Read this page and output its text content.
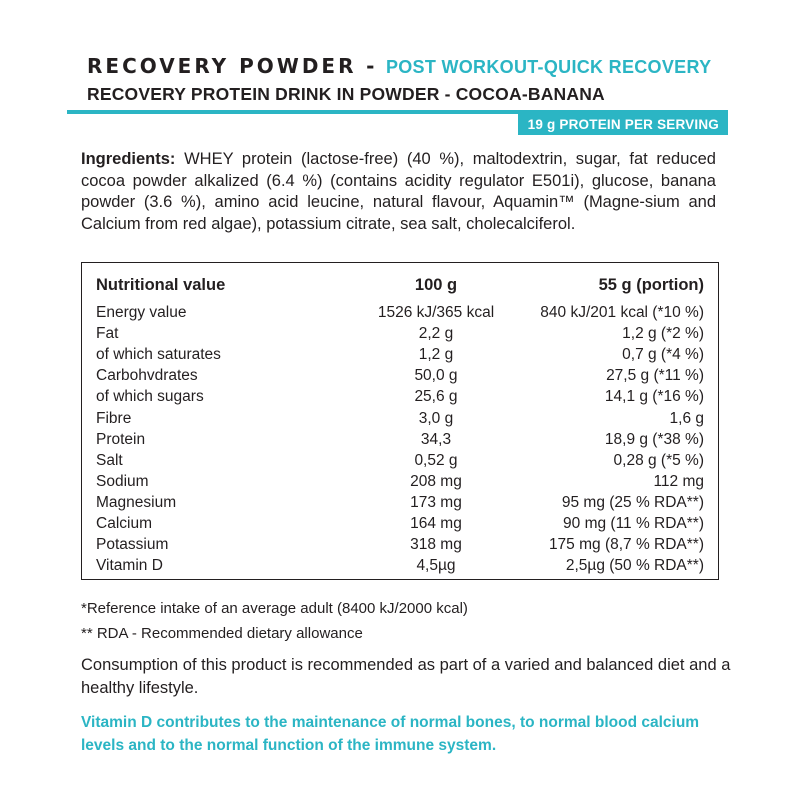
RECOVERY POWDER - POST WORKOUT-QUICK RECOVERY
RECOVERY PROTEIN DRINK IN POWDER - COCOA-BANANA
19 g PROTEIN PER SERVING
Ingredients: WHEY protein (lactose-free) (40 %), maltodextrin, sugar, fat reduced cocoa powder alkalized (6.4 %) (contains acidity regulator E501i), glucose, banana powder (3.6 %), amino acid leucine, natural flavour, Aquamin™ (Magne-sium and Calcium from red algae), potassium citrate, sea salt, cholecalciferol.
Nutritional value	100 g	55 g (portion)
Energy value	1526 kJ/365 kcal	840 kJ/201 kcal (*10 %)
Fat	2,2 g	1,2 g (*2 %)
of which saturates	1,2 g	0,7 g (*4 %)
Carbohvdrates	50,0 g	27,5 g (*11 %)
of which sugars	25,6 g	14,1 g (*16 %)
Fibre	3,0 g	1,6 g
Protein	34,3	18,9 g (*38 %)
Salt	0,52 g	0,28 g (*5 %)
Sodium	208 mg	112 mg
Magnesium	173 mg	95 mg (25 % RDA**)
Calcium	164 mg	90 mg (11 % RDA**)
Potassium	318 mg	175 mg (8,7 % RDA**)
Vitamin D	4,5µg	2,5µg (50 % RDA**)
*Reference intake of an average adult (8400 kJ/2000 kcal)
** RDA - Recommended dietary allowance
Consumption of this product is recommended as part of a varied and balanced diet and a healthy lifestyle.
Vitamin D contributes to the maintenance of normal bones, to normal blood calcium levels and to the normal function of the immune system.
